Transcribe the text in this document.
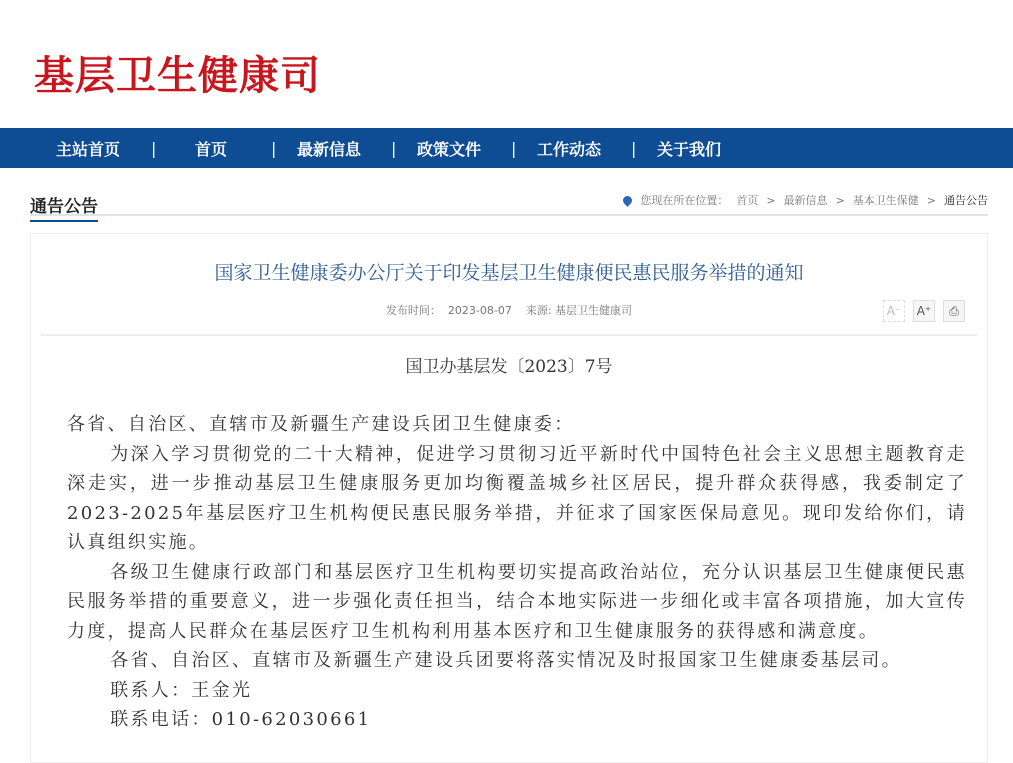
基层卫生健康司
主站首页	|	首页	|	最新信息	|	政策文件	|	工作动态	|	关于我们
通告公告	您现在所在位置： 首页 > 最新信息 > 基本卫生保健 > 通告公告
国家卫生健康委办公厅关于印发基层卫生健康便民惠民服务举措的通知
发布时间：  2023-08-07    来源: 基层卫生健康司	A⁻	A⁺	⎙
国卫办基层发〔2023〕7号

各省、自治区、直辖市及新疆生产建设兵团卫生健康委：

为深入学习贯彻党的二十大精神，促进学习贯彻习近平新时代中国特色社会主义思想主题教育走深走实，进一步推动基层卫生健康服务更加均衡覆盖城乡社区居民，提升群众获得感，我委制定了2023-2025年基层医疗卫生机构便民惠民服务举措，并征求了国家医保局意见。现印发给你们，请认真组织实施。

各级卫生健康行政部门和基层医疗卫生机构要切实提高政治站位，充分认识基层卫生健康便民惠民服务举措的重要意义，进一步强化责任担当，结合本地实际进一步细化或丰富各项措施，加大宣传力度，提高人民群众在基层医疗卫生机构利用基本医疗和卫生健康服务的获得感和满意度。

各省、自治区、直辖市及新疆生产建设兵团要将落实情况及时报国家卫生健康委基层司。

联系人：王金光

联系电话：010-62030661
